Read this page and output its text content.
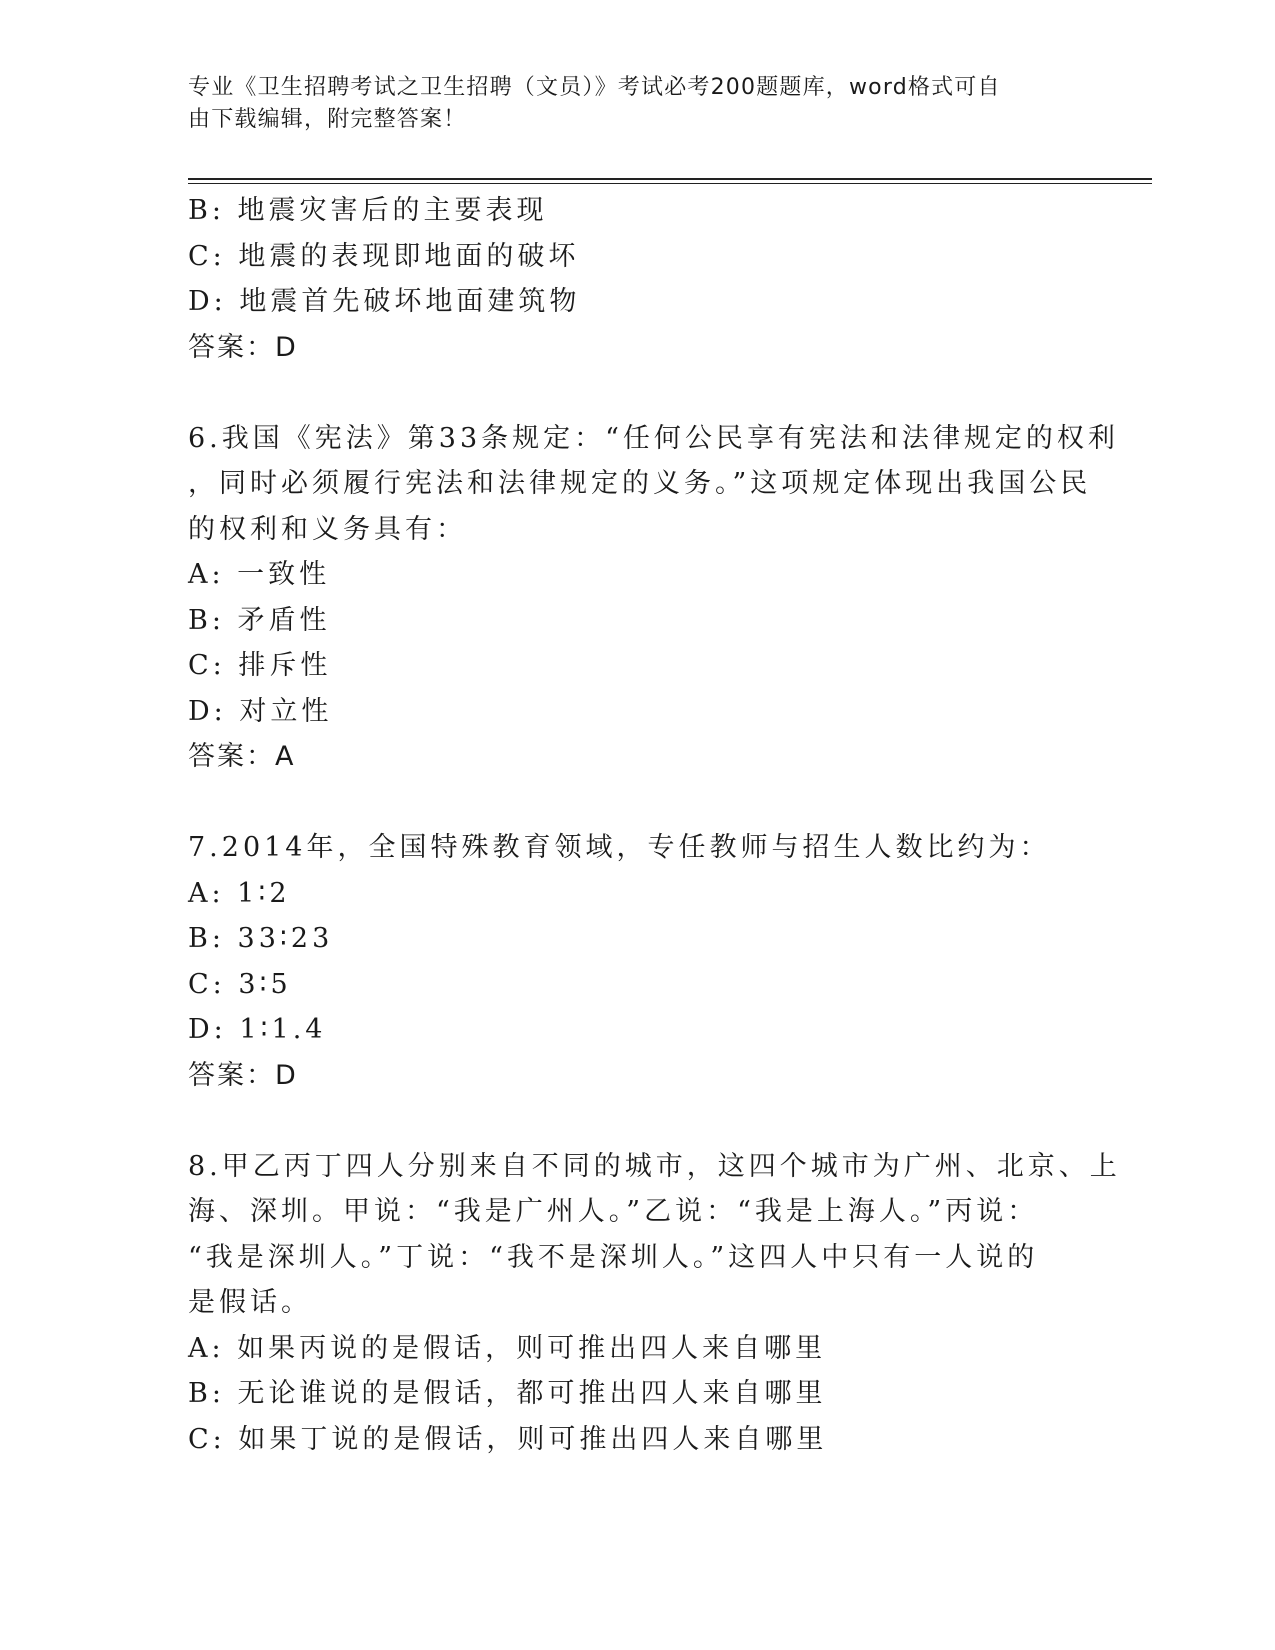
专业《卫生招聘考试之卫生招聘（文员）》考试必考200题题库，word格式可自
由下载编辑，附完整答案！
B: 地震灾害后的主要表现
C: 地震的表现即地面的破坏
D: 地震首先破坏地面建筑物
答案：D
6.我国《宪法》第33条规定：“任何公民享有宪法和法律规定的权利
，同时必须履行宪法和法律规定的义务。”这项规定体现出我国公民
的权利和义务具有：
A: 一致性
B: 矛盾性
C: 排斥性
D: 对立性
答案：A
7.2014年，全国特殊教育领域，专任教师与招生人数比约为：
A: 1∶2
B: 33∶23
C: 3∶5
D: 1∶1.4
答案：D
8.甲乙丙丁四人分别来自不同的城市，这四个城市为广州、北京、上
海、深圳。甲说：“我是广州人。”乙说：“我是上海人。”丙说：
“我是深圳人。”丁说：“我不是深圳人。”这四人中只有一人说的
是假话。
A: 如果丙说的是假话，则可推出四人来自哪里
B: 无论谁说的是假话，都可推出四人来自哪里
C: 如果丁说的是假话，则可推出四人来自哪里
